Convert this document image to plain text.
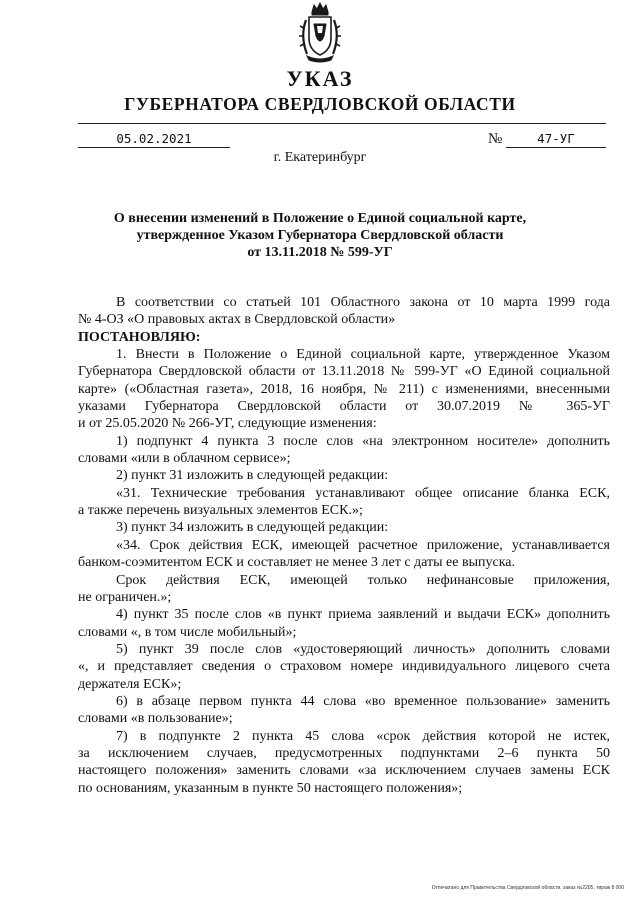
УКАЗ
ГУБЕРНАТОРА СВЕРДЛОВСКОЙ ОБЛАСТИ
05.02.2021	№	47-УГ
г. Екатеринбург
О внесении изменений в Положение о Единой социальной карте,
утвержденное Указом Губернатора Свердловской области
от 13.11.2018 № 599-УГ
В соответствии со статьей 101 Областного закона от 10 марта 1999 года
№ 4-ОЗ «О правовых актах в Свердловской области»
ПОСТАНОВЛЯЮ:
1. Внести в Положение о Единой социальной карте, утвержденное Указом
Губернатора Свердловской области от 13.11.2018 № 599-УГ «О Единой социальной
карте» («Областная газета», 2018, 16 ноября, № 211) с изменениями, внесенными
указами Губернатора Свердловской области от 30.07.2019 № 365-УГ
и от 25.05.2020 № 266-УГ, следующие изменения:
1) подпункт 4 пункта 3 после слов «на электронном носителе» дополнить
словами «или в облачном сервисе»;
2) пункт 31 изложить в следующей редакции:
«31. Технические требования устанавливают общее описание бланка ЕСК,
а также перечень визуальных элементов ЕСК.»;
3) пункт 34 изложить в следующей редакции:
«34. Срок действия ЕСК, имеющей расчетное приложение, устанавливается
банком-соэмитентом ЕСК и составляет не менее 3 лет с даты ее выпуска.
Срок действия ЕСК, имеющей только нефинансовые приложения,
не ограничен.»;
4) пункт 35 после слов «в пункт приема заявлений и выдачи ЕСК» дополнить
словами «, в том числе мобильный»;
5) пункт 39 после слов «удостоверяющий личность» дополнить словами
«, и представляет сведения о страховом номере индивидуального лицевого счета
держателя ЕСК»;
6) в абзаце первом пункта 44 слова «во временное пользование» заменить
словами «в пользование»;
7) в подпункте 2 пункта 45 слова «срок действия которой не истек,
за исключением случаев, предусмотренных подпунктами 2–6 пункта 50
настоящего положения» заменить словами «за исключением случаев замены ЕСК
по основаниям, указанным в пункте 50 настоящего положения»;
Отпечатано для Правительства Свердловской области, заказ №2205, тираж 8 000
